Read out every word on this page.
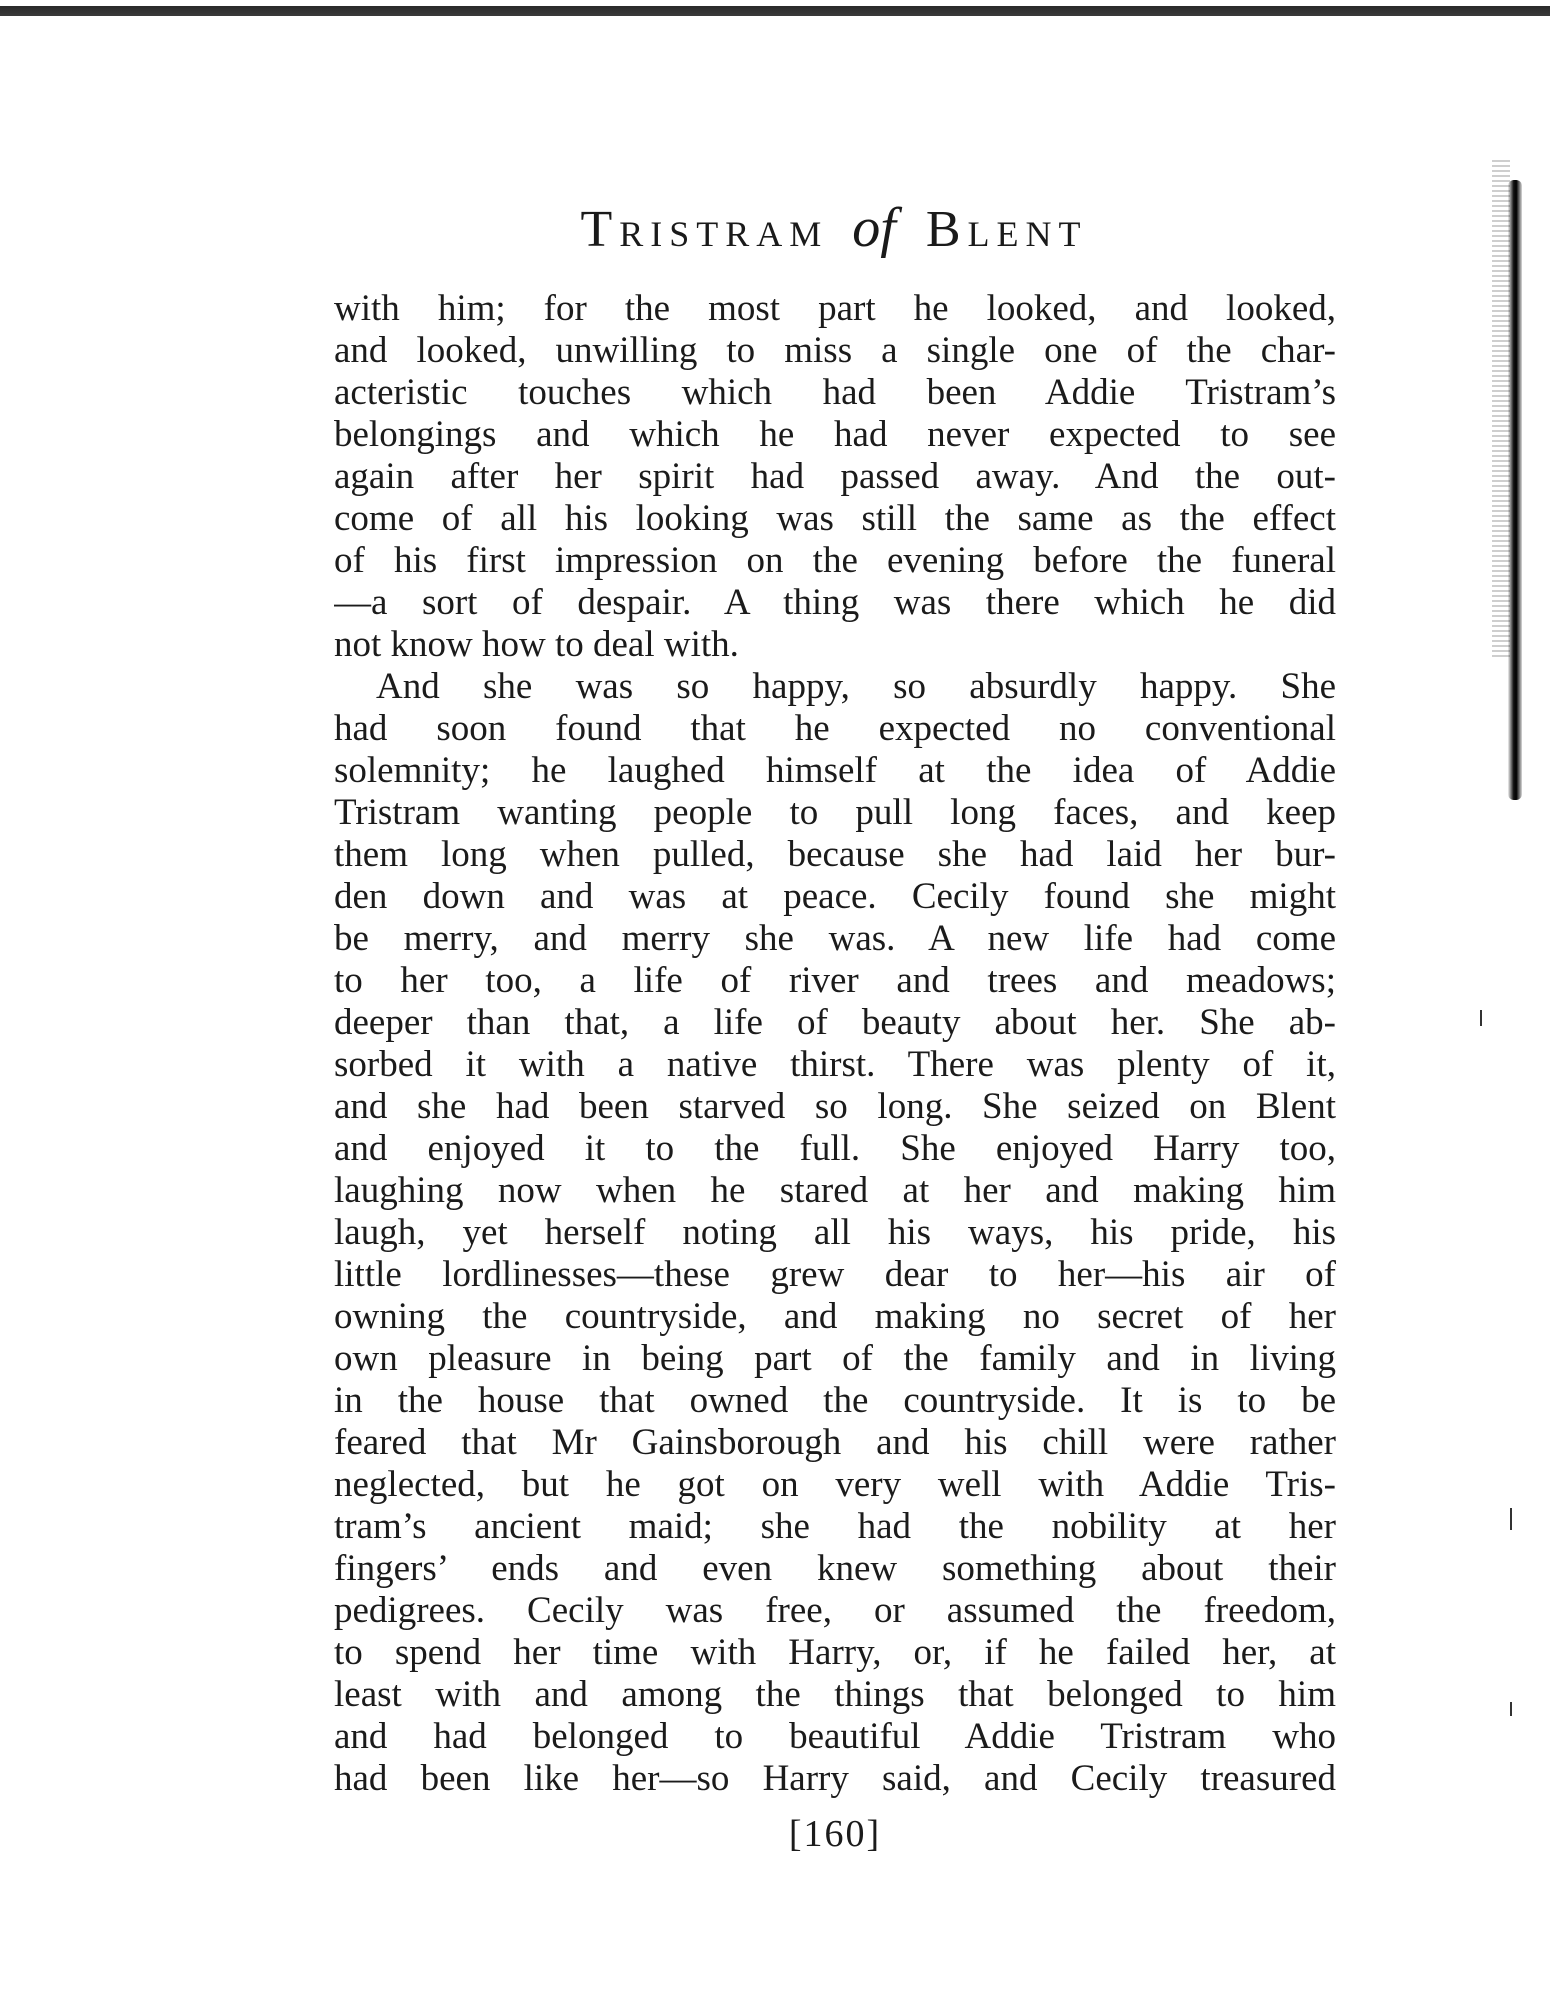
Tristram of Blent
with him; for the most part he looked, and looked,
and looked, unwilling to miss a single one of the char-
acteristic touches which had been Addie Tristram’s
belongings and which he had never expected to see
again after her spirit had passed away. And the out-
come of all his looking was still the same as the effect
of his first impression on the evening before the funeral
—a sort of despair. A thing was there which he did
not know how to deal with.
And she was so happy, so absurdly happy. She
had soon found that he expected no conventional
solemnity; he laughed himself at the idea of Addie
Tristram wanting people to pull long faces, and keep
them long when pulled, because she had laid her bur-
den down and was at peace. Cecily found she might
be merry, and merry she was. A new life had come
to her too, a life of river and trees and meadows;
deeper than that, a life of beauty about her. She ab-
sorbed it with a native thirst. There was plenty of it,
and she had been starved so long. She seized on Blent
and enjoyed it to the full. She enjoyed Harry too,
laughing now when he stared at her and making him
laugh, yet herself noting all his ways, his pride, his
little lordlinesses—these grew dear to her—his air of
owning the countryside, and making no secret of her
own pleasure in being part of the family and in living
in the house that owned the countryside. It is to be
feared that Mr Gainsborough and his chill were rather
neglected, but he got on very well with Addie Tris-
tram’s ancient maid; she had the nobility at her
fingers’ ends and even knew something about their
pedigrees. Cecily was free, or assumed the freedom,
to spend her time with Harry, or, if he failed her, at
least with and among the things that belonged to him
and had belonged to beautiful Addie Tristram who
had been like her—so Harry said, and Cecily treasured
[160]
